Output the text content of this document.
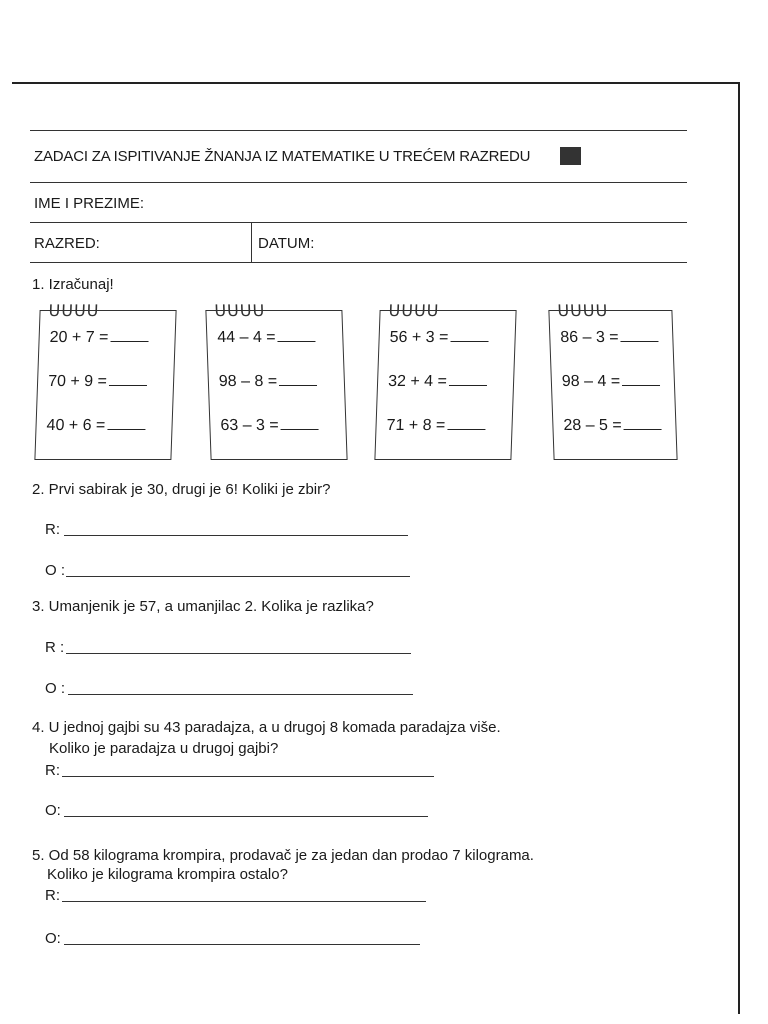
ZADACI ZA ISPITIVANJE ŽNANJA IZ MATEMATIKE U TREĆEM RAZREDU
IME I PREZIME:
RAZRED:	DATUM:
1. Izračunaj!
ᑌᑌᑌᑌ
20 + 7 =
70 + 9 =
40 + 6 =
ᑌᑌᑌᑌ
44 – 4 =
98 – 8 =
63 – 3 =
ᑌᑌᑌᑌ
56 + 3 =
32 + 4 =
71 + 8 =
ᑌᑌᑌᑌ
86 – 3 =
98 – 4 =
28 – 5 =
2. Prvi sabirak je 30, drugi je 6! Koliki je zbir?
R:
O :
3. Umanjenik je 57, a umanjilac 2. Kolika je razlika?
R :
O :
4. U jednoj gajbi su 43 paradajza, a u drugoj 8 komada paradajza više.
Koliko je paradajza u drugoj gajbi?
R:
O:
5. Od 58 kilograma krompira, prodavač je za jedan dan prodao 7 kilograma.
Koliko je kilograma krompira ostalo?
R:
O:
